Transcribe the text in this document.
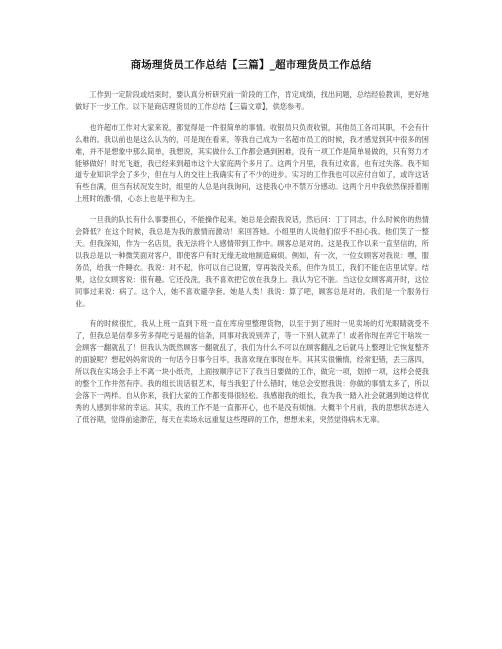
商场理货员工作总结【三篇】_超市理货员工作总结

工作到一定阶段或结束时，要认真分析研究前一阶段的工作，肯定成绩，找出问题，总结经验教训，更好地做好下一步工作。以下是商店理货员的工作总结【三篇文章】，供您参考。

也许超市工作对大家来说，都觉得是一件很简单的事情。收银员只负责收银，其他员工各司其职，不会有什么难的。我以前也是这么认为的，可是现在看来，等我自己成为一名超市员工的时候，我才感觉到其中很多的困难，并不是想象中那么简单，我想说，其实做什么工作都会遇到困难，没有一项工作是简单易做的，只有努力才能够做好！时光飞逝，我已经来到超市这个大家庭两个多月了。这两个月里，我有过欢喜，也有过失落。我不知道专业知识学会了多少，但在与人的交往上我确实有了不少的进步。实习的工作我也可以应付自如了，或许这话有些自满，但当有状况发生时，组里的人总是向我询问，这使我心中不禁万分感动。这两个月中我依然保持着刚上班时的激-情，心态上也是平和为主。

一旦我的队长有什么事要担心，不能操作起来，她总是会跟我说话，然后问：丁丁同志，什么时候你的热情会降低？在这个时候，我总是为我的激情而激动！来回答她。小组里的人说他们似乎不担心我。他们笑了一整天。但我深知，作为一名店员，我无法将个人感情带到工作中。顾客总是对的。这是我工作以来一直坚信的，所以我总是以一种微笑面对客户，即使客户有时无缘无故地制造麻烦。例如，有一次，一位女顾客对我说：嘿，服务员，给我一件睡衣。我说：对不起，你可以自己设置，穿再装没关系，但作为员工，我们不能在店里试穿。结果，这位女顾客说：很有趣。它还没洗，我不喜欢把它放在我身上。我认为它不脏。当这位女顾客离开时，这位同事过来说：病了。这个人，她不喜欢避孕套。她是人类！我说：算了吧，顾客总是对的。我们是一个服务行业。

有的时候很忙，我从上班一直到下班一直在库房里整理货物，以至于到了班时一见卖场的灯光眼睛就受不了，但我总是信奉多劳多得吃亏是福的信条，同事对我说别弄了，等一下别人就弄了！或者你现在弄它干啥埃一会顾客一翻就乱了！但我认为既然顾客一翻就乱了，我们为什么不可以在顾客翻乱之后就马上整理让它恢复整齐的面貌呢？想起妈妈常说的一句话今日事今日毕，我喜欢现在事现在毕。其其实很懒惰，经常犯错，丢三落四，所以我在实场会手上不离一块小纸壳，上面按顺序记下了我当日要做的工作，做完一项，划掉一项，这样会使我的整个工作井然有序。我的组长说话很艺术，每当我犯了什么错时，她总会安慰我说：你做的事情太多了，所以会落下一两样。自从你来，我们大家的工作都变得很轻松。我感谢我的组长，我为我一踏入社会就遇到她这样优秀的人感到非常的幸运。其实，我的工作不是一直都开心，也不是没有烦恼。大概半个月前，我的思想状态进入了低谷期，觉得前途渺茫，每天在卖场永远重复这些理碎的工作，想想未来，突然觉得病木无辜。
